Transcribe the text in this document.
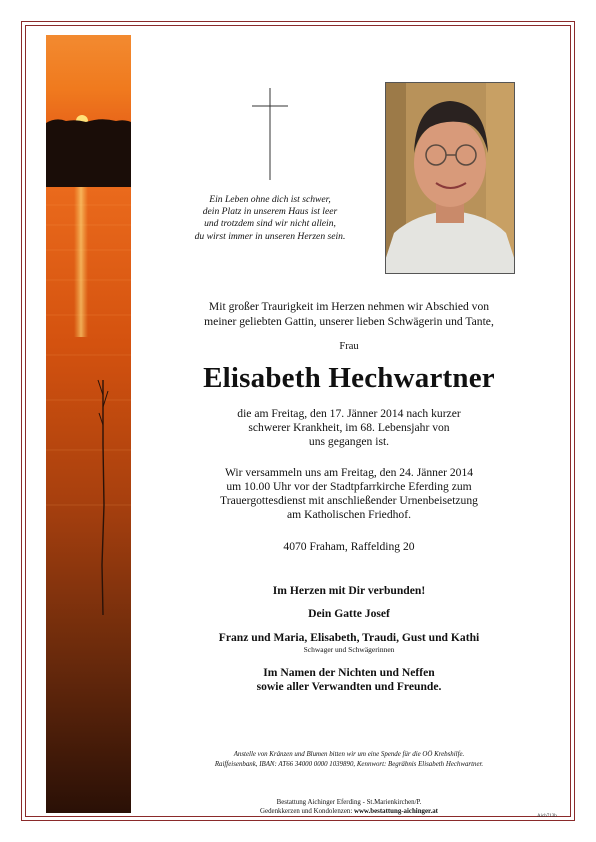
Ein Leben ohne dich ist schwer,
dein Platz in unserem Haus ist leer
und trotzdem sind wir nicht allein,
du wirst immer in unseren Herzen sein.
Mit großer Traurigkeit im Herzen nehmen wir Abschied von
meiner geliebten Gattin, unserer lieben Schwägerin und Tante,
Frau
Elisabeth Hechwartner
die am Freitag, den 17. Jänner 2014 nach kurzer
schwerer Krankheit, im 68. Lebensjahr von
uns gegangen ist.
Wir versammeln uns am Freitag, den 24. Jänner 2014
um 10.00 Uhr vor der Stadtpfarrkirche Eferding zum
Trauergottesdienst mit anschließender Urnenbeisetzung
am Katholischen Friedhof.
4070 Fraham, Raffelding 20
Im Herzen mit Dir verbunden!
Dein Gatte Josef
Franz und Maria, Elisabeth, Traudi, Gust und Kathi
Schwager und Schwägerinnen
Im Namen der Nichten und Neffen
sowie aller Verwandten und Freunde.
Anstelle von Kränzen und Blumen bitten wir um eine Spende für die OÖ Krebshilfe.
Raiffeisenbank, IBAN: AT66 34000 0000 1039890, Kennwort: Begräbnis Elisabeth Hechwartner.
Bestattung Aichinger Eferding - St.Marienkirchen/P.
Gedenkkerzen und Kondolenzen: www.bestattung-aichinger.at
Aich713b
